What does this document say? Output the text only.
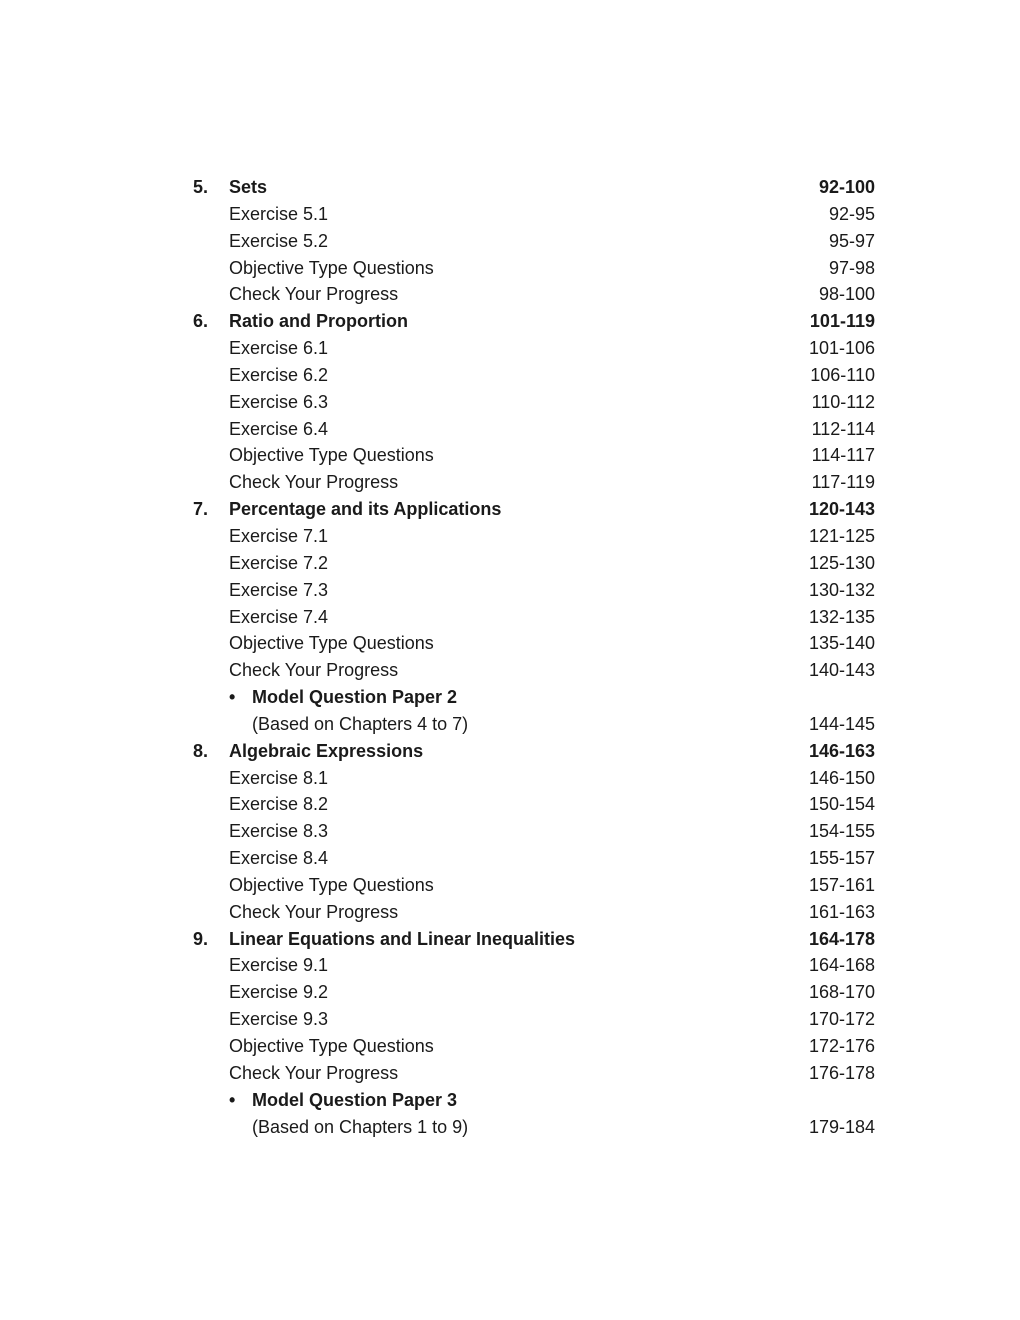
5. Sets	92-100
Exercise 5.1	92-95
Exercise 5.2	95-97
Objective Type Questions	97-98
Check Your Progress	98-100
6. Ratio and Proportion	101-119
Exercise 6.1	101-106
Exercise 6.2	106-110
Exercise 6.3	110-112
Exercise 6.4	112-114
Objective Type Questions	114-117
Check Your Progress	117-119
7. Percentage and its Applications	120-143
Exercise 7.1	121-125
Exercise 7.2	125-130
Exercise 7.3	130-132
Exercise 7.4	132-135
Objective Type Questions	135-140
Check Your Progress	140-143
• Model Question Paper 2
(Based on Chapters 4 to 7)	144-145
8. Algebraic Expressions	146-163
Exercise 8.1	146-150
Exercise 8.2	150-154
Exercise 8.3	154-155
Exercise 8.4	155-157
Objective Type Questions	157-161
Check Your Progress	161-163
9. Linear Equations and Linear Inequalities	164-178
Exercise 9.1	164-168
Exercise 9.2	168-170
Exercise 9.3	170-172
Objective Type Questions	172-176
Check Your Progress	176-178
• Model Question Paper 3
(Based on Chapters 1 to 9)	179-184
